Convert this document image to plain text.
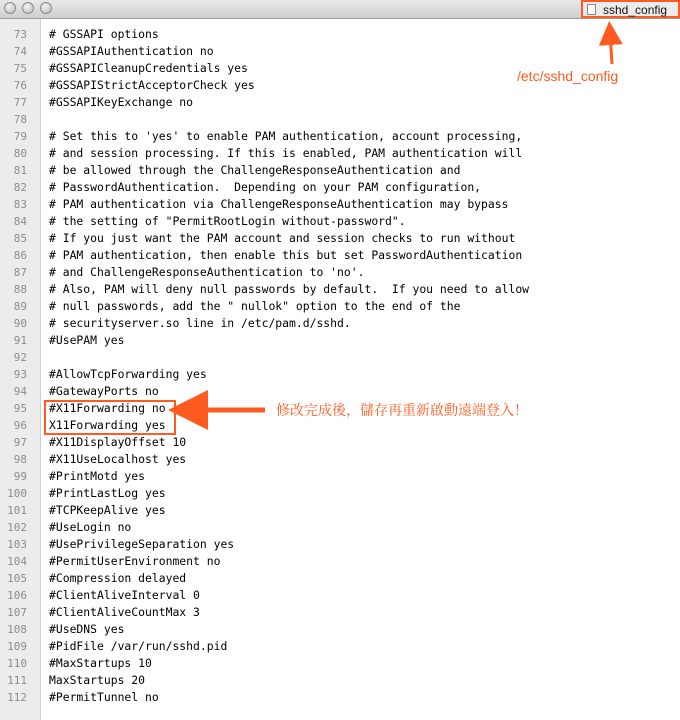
sshd_config
73 # GSSAPI options
74 #GSSAPIAuthentication no
75 #GSSAPICleanupCredentials yes
76 #GSSAPIStrictAcceptorCheck yes
77 #GSSAPIKeyExchange no
78
79 # Set this to 'yes' to enable PAM authentication, account processing,
80 # and session processing. If this is enabled, PAM authentication will
81 # be allowed through the ChallengeResponseAuthentication and
82 # PasswordAuthentication.  Depending on your PAM configuration,
83 # PAM authentication via ChallengeResponseAuthentication may bypass
84 # the setting of "PermitRootLogin without-password".
85 # If you just want the PAM account and session checks to run without
86 # PAM authentication, then enable this but set PasswordAuthentication
87 # and ChallengeResponseAuthentication to 'no'.
88 # Also, PAM will deny null passwords by default.  If you need to allow
89 # null passwords, add the " nullok" option to the end of the
90 # securityserver.so line in /etc/pam.d/sshd.
91 #UsePAM yes
92
93 #AllowTcpForwarding yes
94 #GatewayPorts no
95 #X11Forwarding no
96 X11Forwarding yes
97 #X11DisplayOffset 10
98 #X11UseLocalhost yes
99 #PrintMotd yes
100 #PrintLastLog yes
101 #TCPKeepAlive yes
102 #UseLogin no
103 #UsePrivilegeSeparation yes
104 #PermitUserEnvironment no
105 #Compression delayed
106 #ClientAliveInterval 0
107 #ClientAliveCountMax 3
108 #UseDNS yes
109 #PidFile /var/run/sshd.pid
110 #MaxStartups 10
111 MaxStartups 20
112 #PermitTunnel no
/etc/sshd_config
修改完成後，儲存再重新啟動遠端登入！
